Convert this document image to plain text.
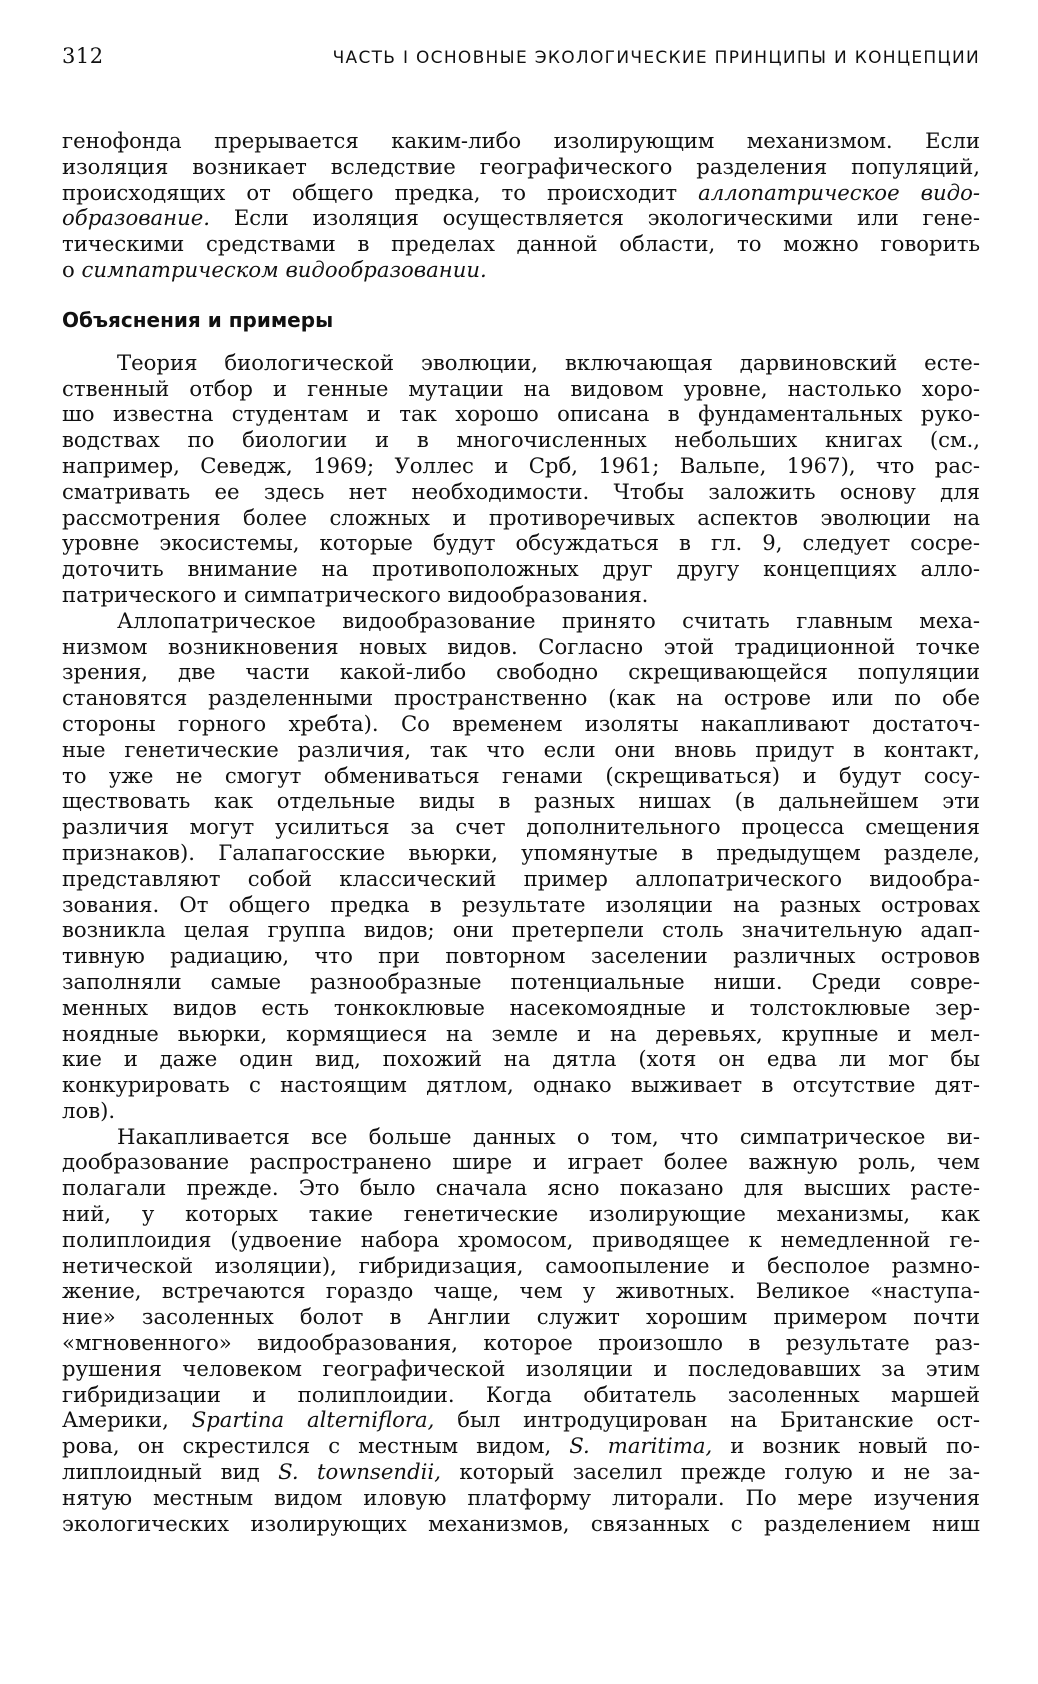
312	ЧАСТЬ I ОСНОВНЫЕ ЭКОЛОГИЧЕСКИЕ ПРИНЦИПЫ И КОНЦЕПЦИИ
генофонда прерывается каким-либо изолирующим механизмом. Если
изоляция возникает вследствие географического разделения популяций,
происходящих от общего предка, то происходит аллопатрическое видо-
образование. Если изоляция осуществляется экологическими или гене-
тическими средствами в пределах данной области, то можно говорить
о симпатрическом видообразовании.
Объяснения и примеры
Теория биологической эволюции, включающая дарвиновский есте-
ственный отбор и генные мутации на видовом уровне, настолько хоро-
шо известна студентам и так хорошо описана в фундаментальных руко-
водствах по биологии и в многочисленных небольших книгах (см.,
например, Севедж, 1969; Уоллес и Срб, 1961; Вальпе, 1967), что рас-
сматривать ее здесь нет необходимости. Чтобы заложить основу для
рассмотрения более сложных и противоречивых аспектов эволюции на
уровне экосистемы, которые будут обсуждаться в гл. 9, следует сосре-
доточить внимание на противоположных друг другу концепциях алло-
патрического и симпатрического видообразования.
Аллопатрическое видообразование принято считать главным меха-
низмом возникновения новых видов. Согласно этой традиционной точке
зрения, две части какой-либо свободно скрещивающейся популяции
становятся разделенными пространственно (как на острове или по обе
стороны горного хребта). Со временем изоляты накапливают достаточ-
ные генетические различия, так что если они вновь придут в контакт,
то уже не смогут обмениваться генами (скрещиваться) и будут сосу-
ществовать как отдельные виды в разных нишах (в дальнейшем эти
различия могут усилиться за счет дополнительного процесса смещения
признаков). Галапагосские вьюрки, упомянутые в предыдущем разделе,
представляют собой классический пример аллопатрического видообра-
зования. От общего предка в результате изоляции на разных островах
возникла целая группа видов; они претерпели столь значительную адап-
тивную радиацию, что при повторном заселении различных островов
заполняли самые разнообразные потенциальные ниши. Среди совре-
менных видов есть тонкоклювые насекомоядные и толстоклювые зер-
ноядные вьюрки, кормящиеся на земле и на деревьях, крупные и мел-
кие и даже один вид, похожий на дятла (хотя он едва ли мог бы
конкурировать с настоящим дятлом, однако выживает в отсутствие дят-
лов).
Накапливается все больше данных о том, что симпатрическое ви-
дообразование распространено шире и играет более важную роль, чем
полагали прежде. Это было сначала ясно показано для высших расте-
ний, у которых такие генетические изолирующие механизмы, как
полиплоидия (удвоение набора хромосом, приводящее к немедленной ге-
нетической изоляции), гибридизация, самоопыление и бесполое размно-
жение, встречаются гораздо чаще, чем у животных. Великое «наступа-
ние» засоленных болот в Англии служит хорошим примером почти
«мгновенного» видообразования, которое произошло в результате раз-
рушения человеком географической изоляции и последовавших за этим
гибридизации и полиплоидии. Когда обитатель засоленных маршей
Америки, Spartina alterniflora, был интродуцирован на Британские ост-
рова, он скрестился с местным видом, S. maritima, и возник новый по-
липлоидный вид S. townsendii, который заселил прежде голую и не за-
нятую местным видом иловую платформу литорали. По мере изучения
экологических изолирующих механизмов, связанных с разделением ниш
